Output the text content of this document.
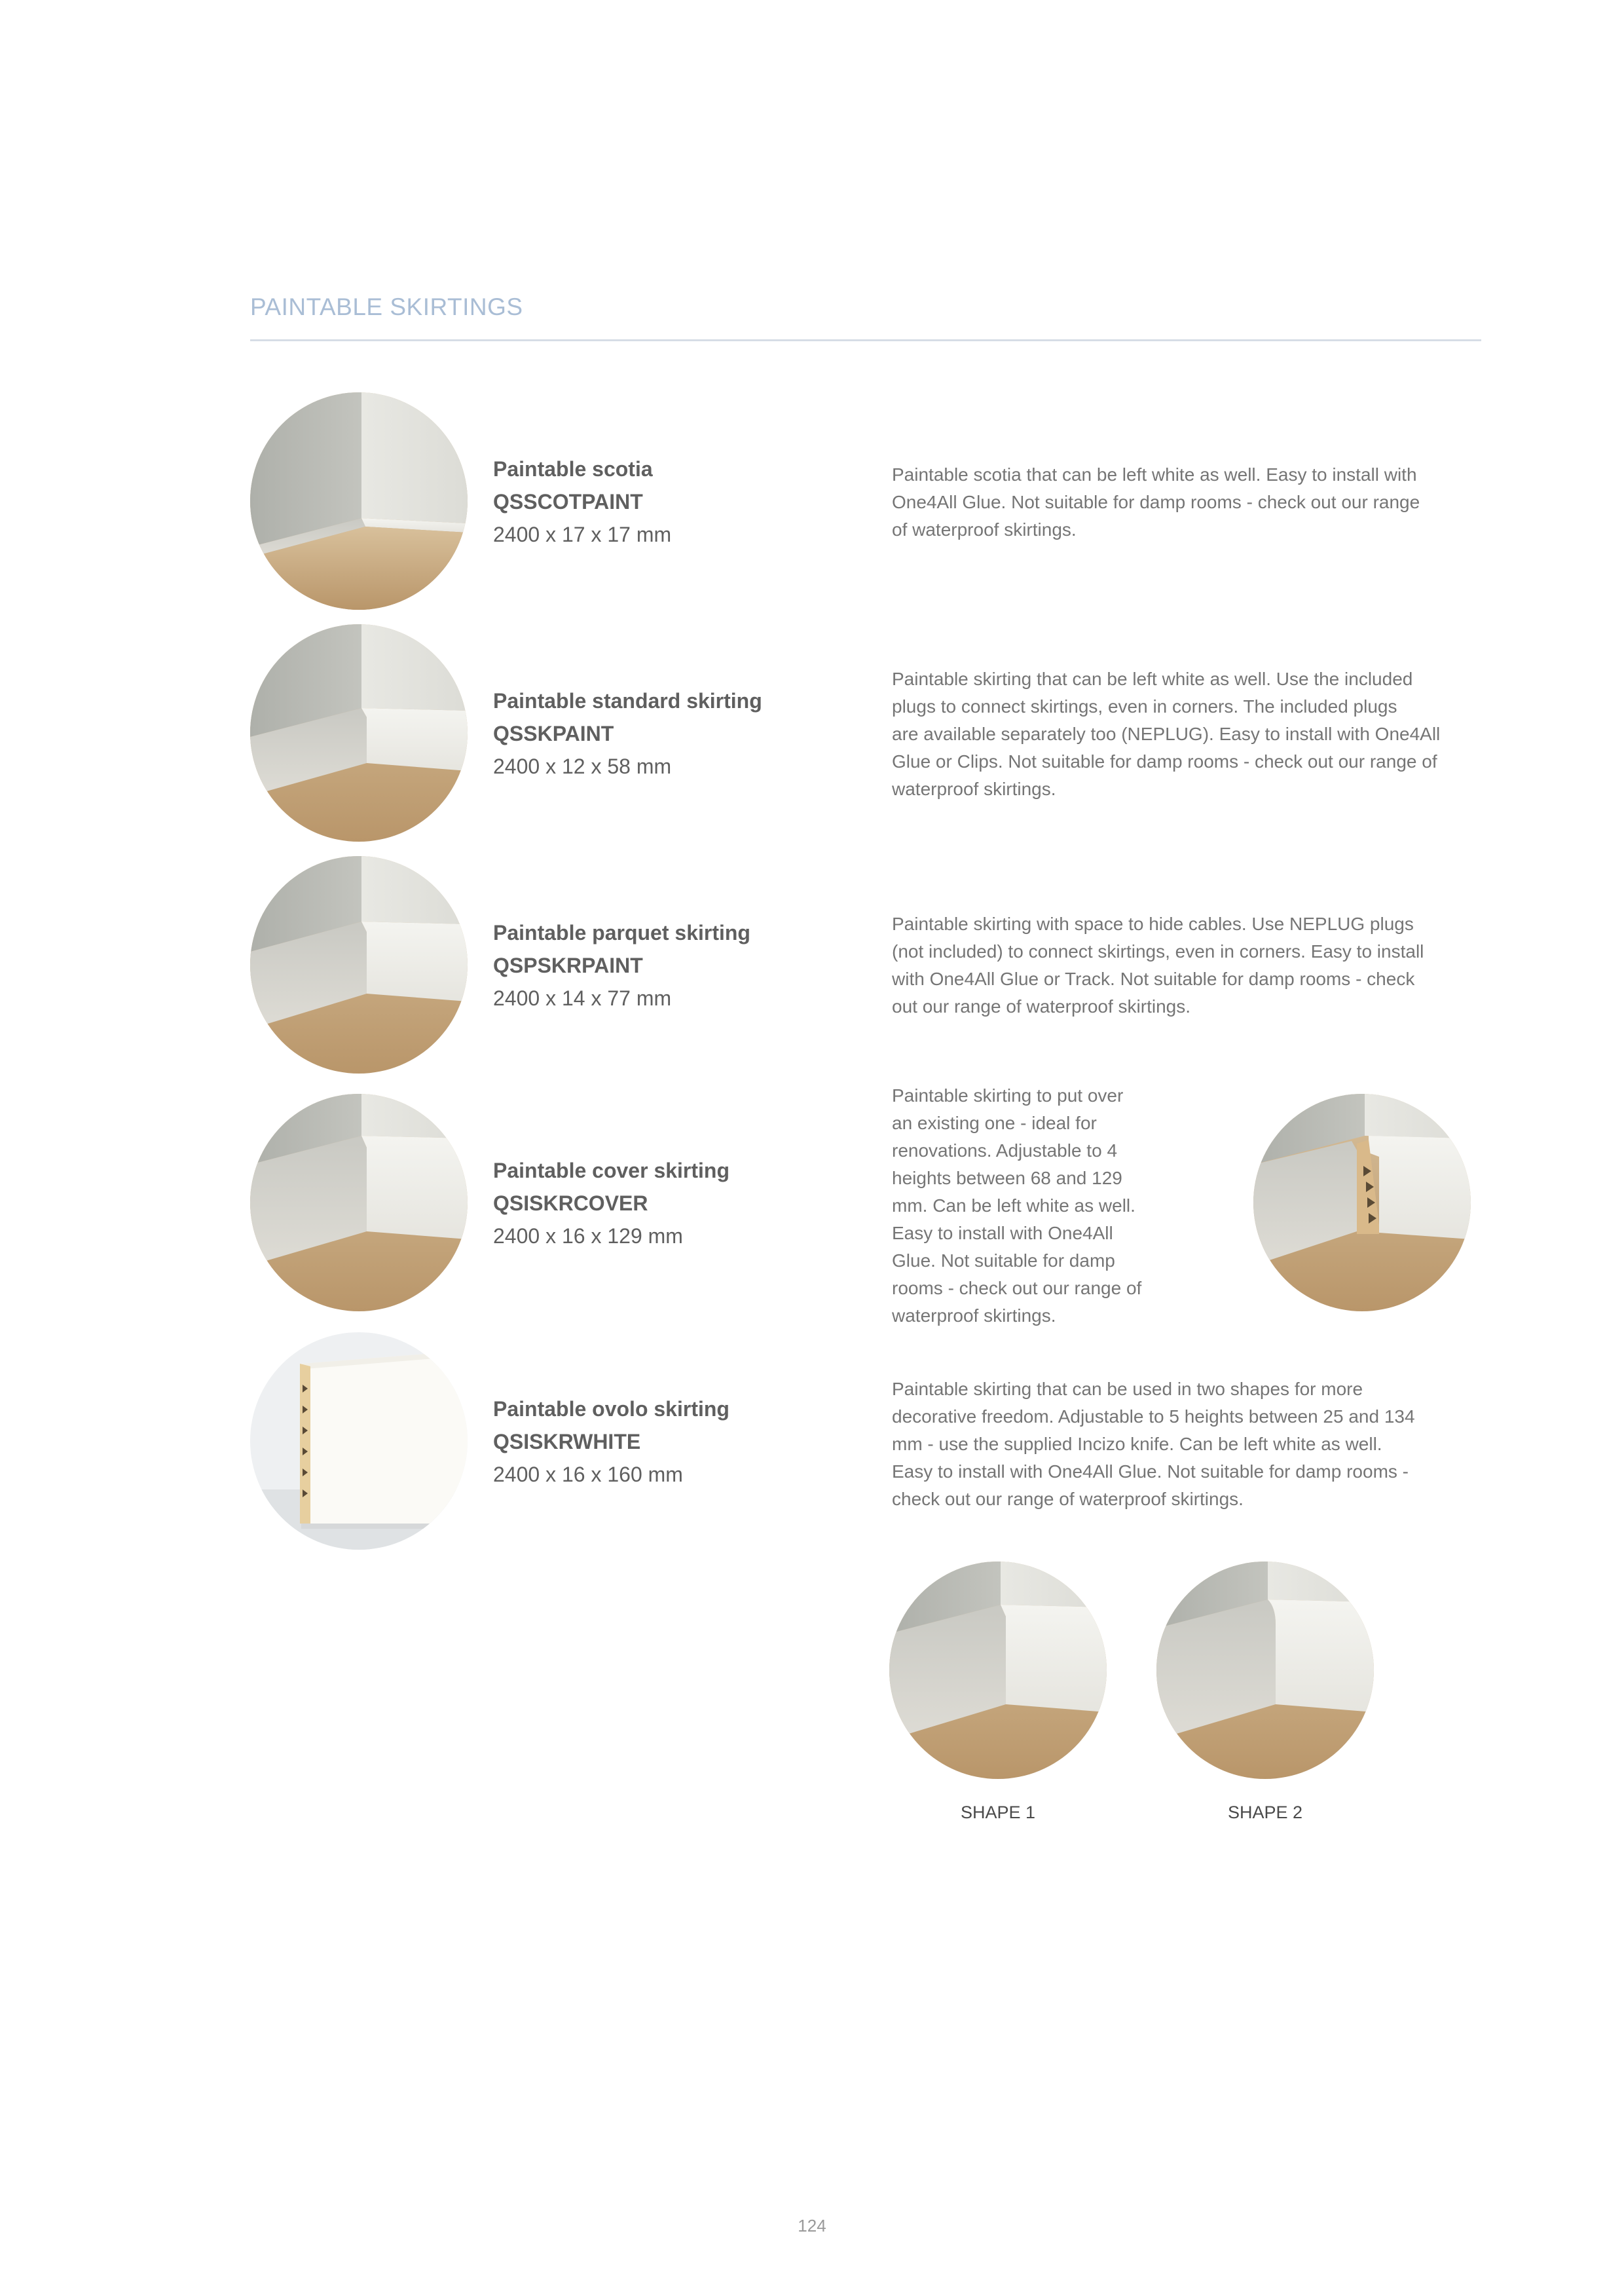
PAINTABLE SKIRTINGS
Paintable scotia
QSSCOTPAINT
2400 x 17 x 17 mm
Paintable scotia that can be left white as well. Easy to install with
One4All Glue. Not suitable for damp rooms - check out our range
of waterproof skirtings.
Paintable standard skirting
QSSKPAINT
2400 x 12 x 58 mm
Paintable skirting that can be left white as well. Use the included
plugs to connect skirtings, even in corners. The included plugs
are available separately too (NEPLUG). Easy to install with One4All
Glue or Clips. Not suitable for damp rooms - check out our range of
waterproof skirtings.
Paintable parquet skirting
QSPSKRPAINT
2400 x 14 x 77 mm
Paintable skirting with space to hide cables. Use NEPLUG plugs
(not included) to connect skirtings, even in corners. Easy to install
with One4All Glue or Track. Not suitable for damp rooms - check
out our range of waterproof skirtings.
Paintable cover skirting
QSISKRCOVER
2400 x 16 x 129 mm
Paintable skirting to put over
an existing one - ideal for
renovations. Adjustable to 4
heights between 68 and 129
mm. Can be left white as well.
Easy to install with One4All
Glue. Not suitable for damp
rooms - check out our range of
waterproof skirtings.
Paintable ovolo skirting
QSISKRWHITE
2400 x 16 x 160 mm
Paintable skirting that can be used in two shapes for more
decorative freedom. Adjustable to 5 heights between 25 and 134
mm - use the supplied Incizo knife. Can be left white as well.
Easy to install with One4All Glue. Not suitable for damp rooms -
check out our range of waterproof skirtings.
SHAPE 1	SHAPE 2
124
